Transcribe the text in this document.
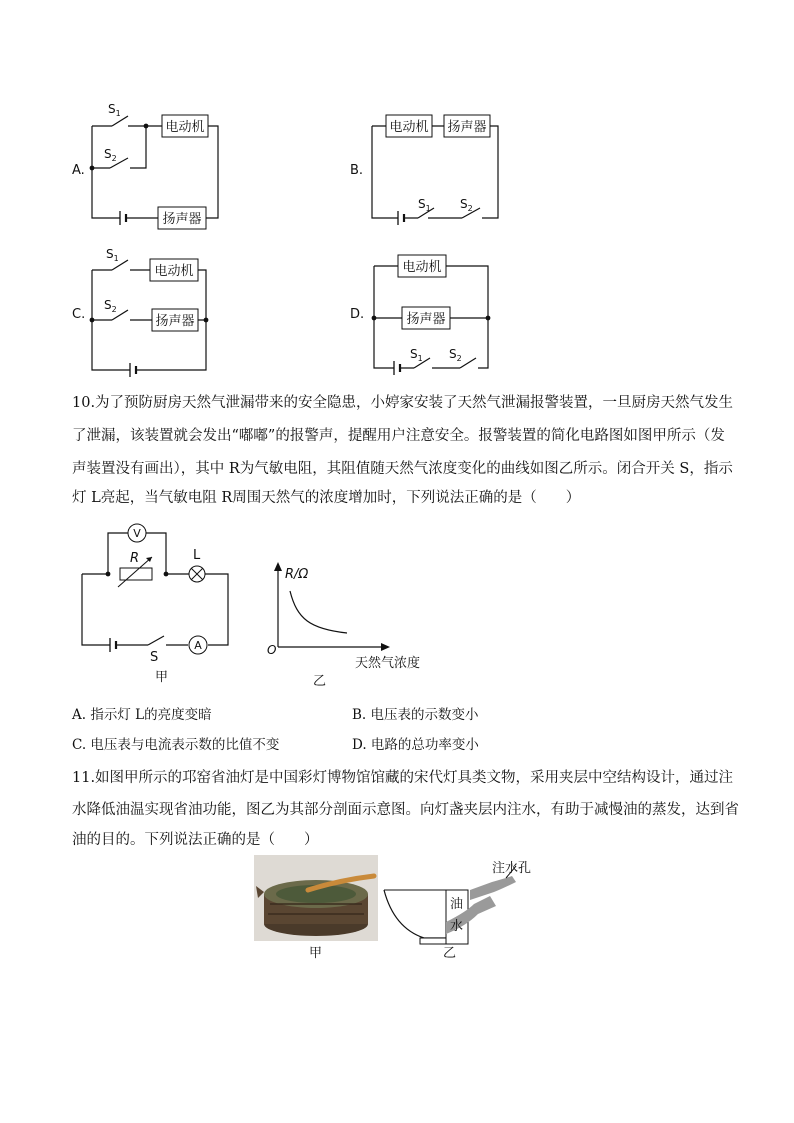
A.
电动机
扬声器
$S_1$
$S_2$
B.
电动机 扬声器
$S_1$ $S_2$
C.
电动机
扬声器
$S_1$
$S_2$	D.
电动机
扬声器
$S_1$ $S_2$
10.为了预防厨房天然气泄漏带来的安全隐患，小婷家安装了天然气泄漏报警装置，一旦厨房天然气发生
了泄漏，该装置就会发出“嘟嘟”的报警声，提醒用户注意安全。报警装置的简化电路图如图甲所示（发
声装置没有画出），其中 R为气敏电阻，其阻值随天然气浓度变化的曲线如图乙所示。闭合开关 S，指示
灯 L亮起，当气敏电阻 R周围天然气的浓度增加时，下列说法正确的是（　　）
V
R	L
S
A
甲
R/Ω
O
天然气浓度
乙
A. 指示灯 L的亮度变暗	B. 电压表的示数变小
C. 电压表与电流表示数的比值不变	D. 电路的总功率变小
11.如图甲所示的邛窑省油灯是中国彩灯博物馆馆藏的宋代灯具类文物，采用夹层中空结构设计，通过注
水降低油温实现省油功能，图乙为其部分剖面示意图。向灯盏夹层内注水，有助于减慢油的蒸发，达到省
油的目的。下列说法正确的是（　　）
甲
注水孔
油
水
乙
